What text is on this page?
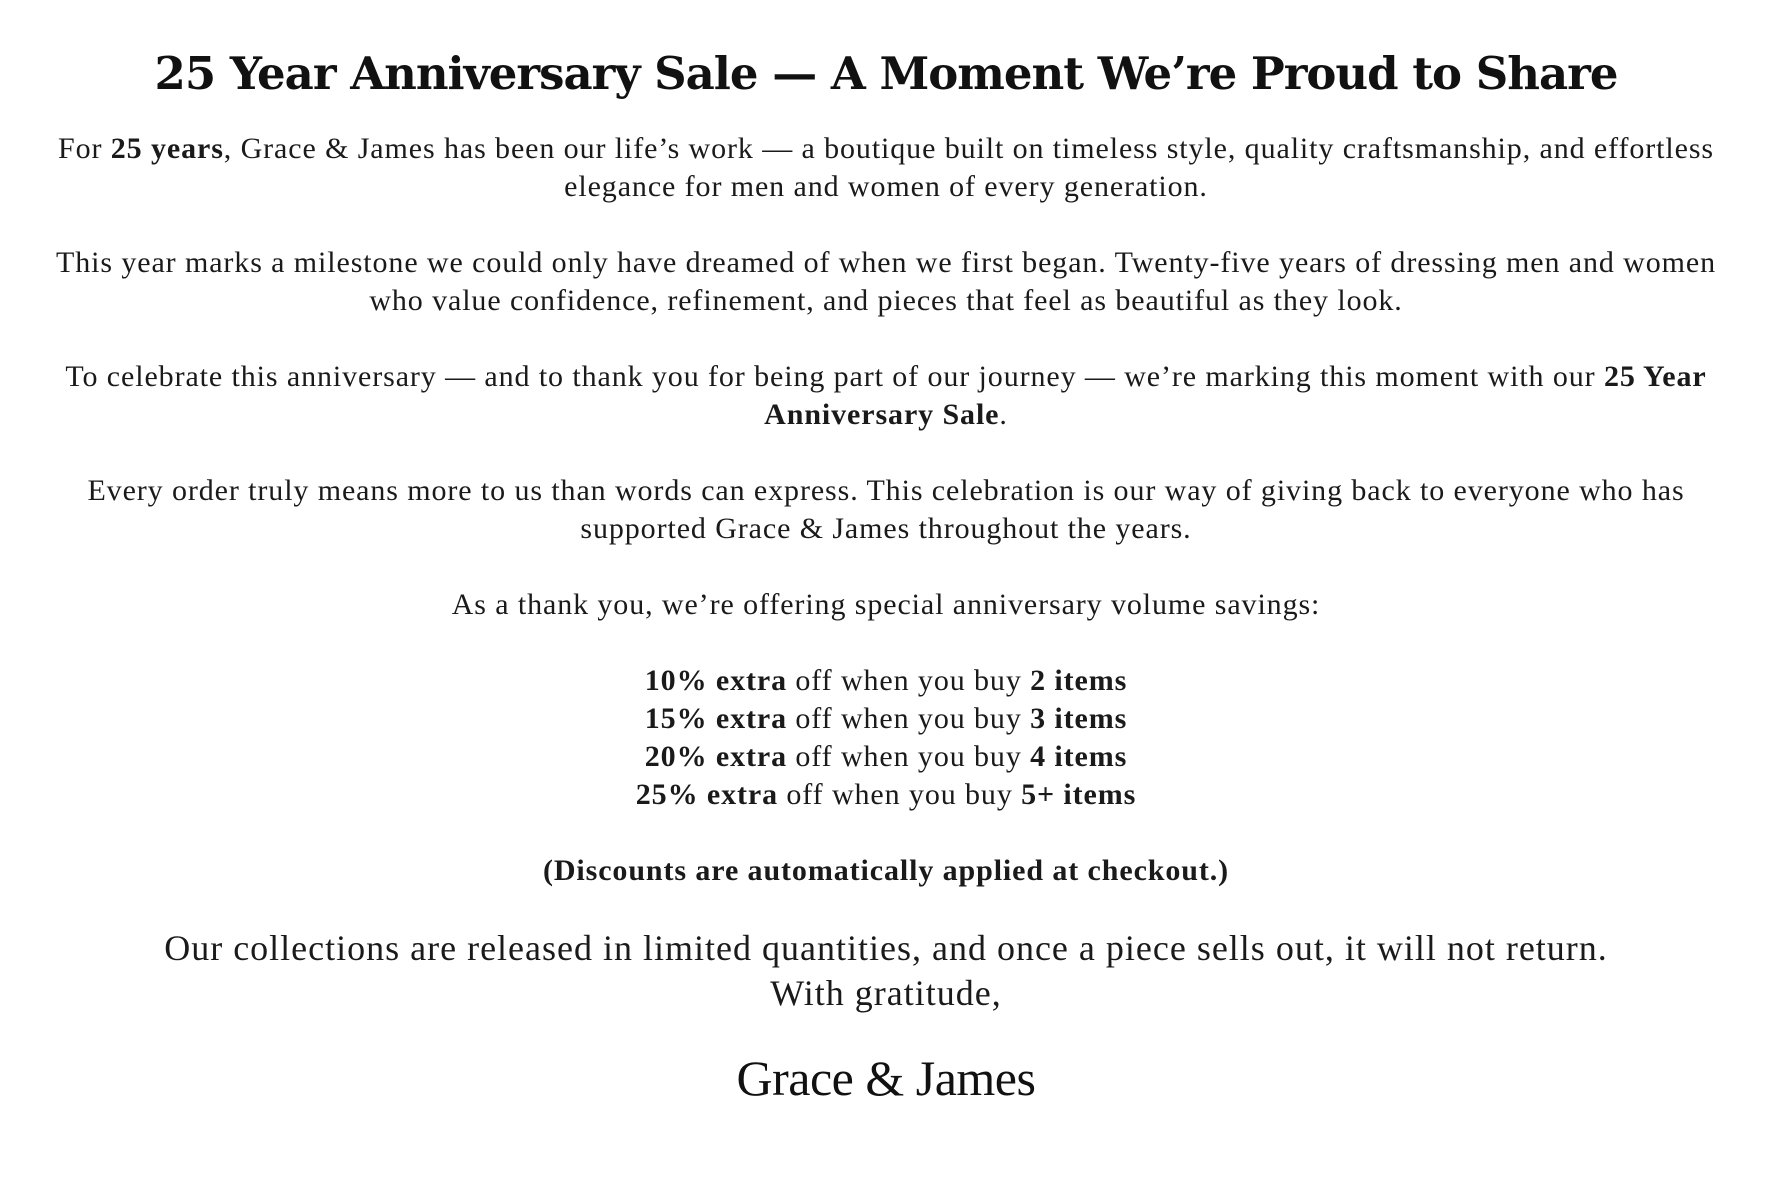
25 Year Anniversary Sale — A Moment We’re Proud to Share

For 25 years, Grace & James has been our life’s work — a boutique built on timeless style, quality craftsmanship, and effortless elegance for men and women of every generation.

This year marks a milestone we could only have dreamed of when we first began. Twenty-five years of dressing men and women who value confidence, refinement, and pieces that feel as beautiful as they look.

To celebrate this anniversary — and to thank you for being part of our journey — we’re marking this moment with our 25 Year Anniversary Sale.

Every order truly means more to us than words can express. This celebration is our way of giving back to everyone who has supported Grace & James throughout the years.

As a thank you, we’re offering special anniversary volume savings:

10% extra off when you buy 2 items
15% extra off when you buy 3 items
20% extra off when you buy 4 items
25% extra off when you buy 5+ items

(Discounts are automatically applied at checkout.)

Our collections are released in limited quantities, and once a piece sells out, it will not return.

With gratitude,

Grace & James
